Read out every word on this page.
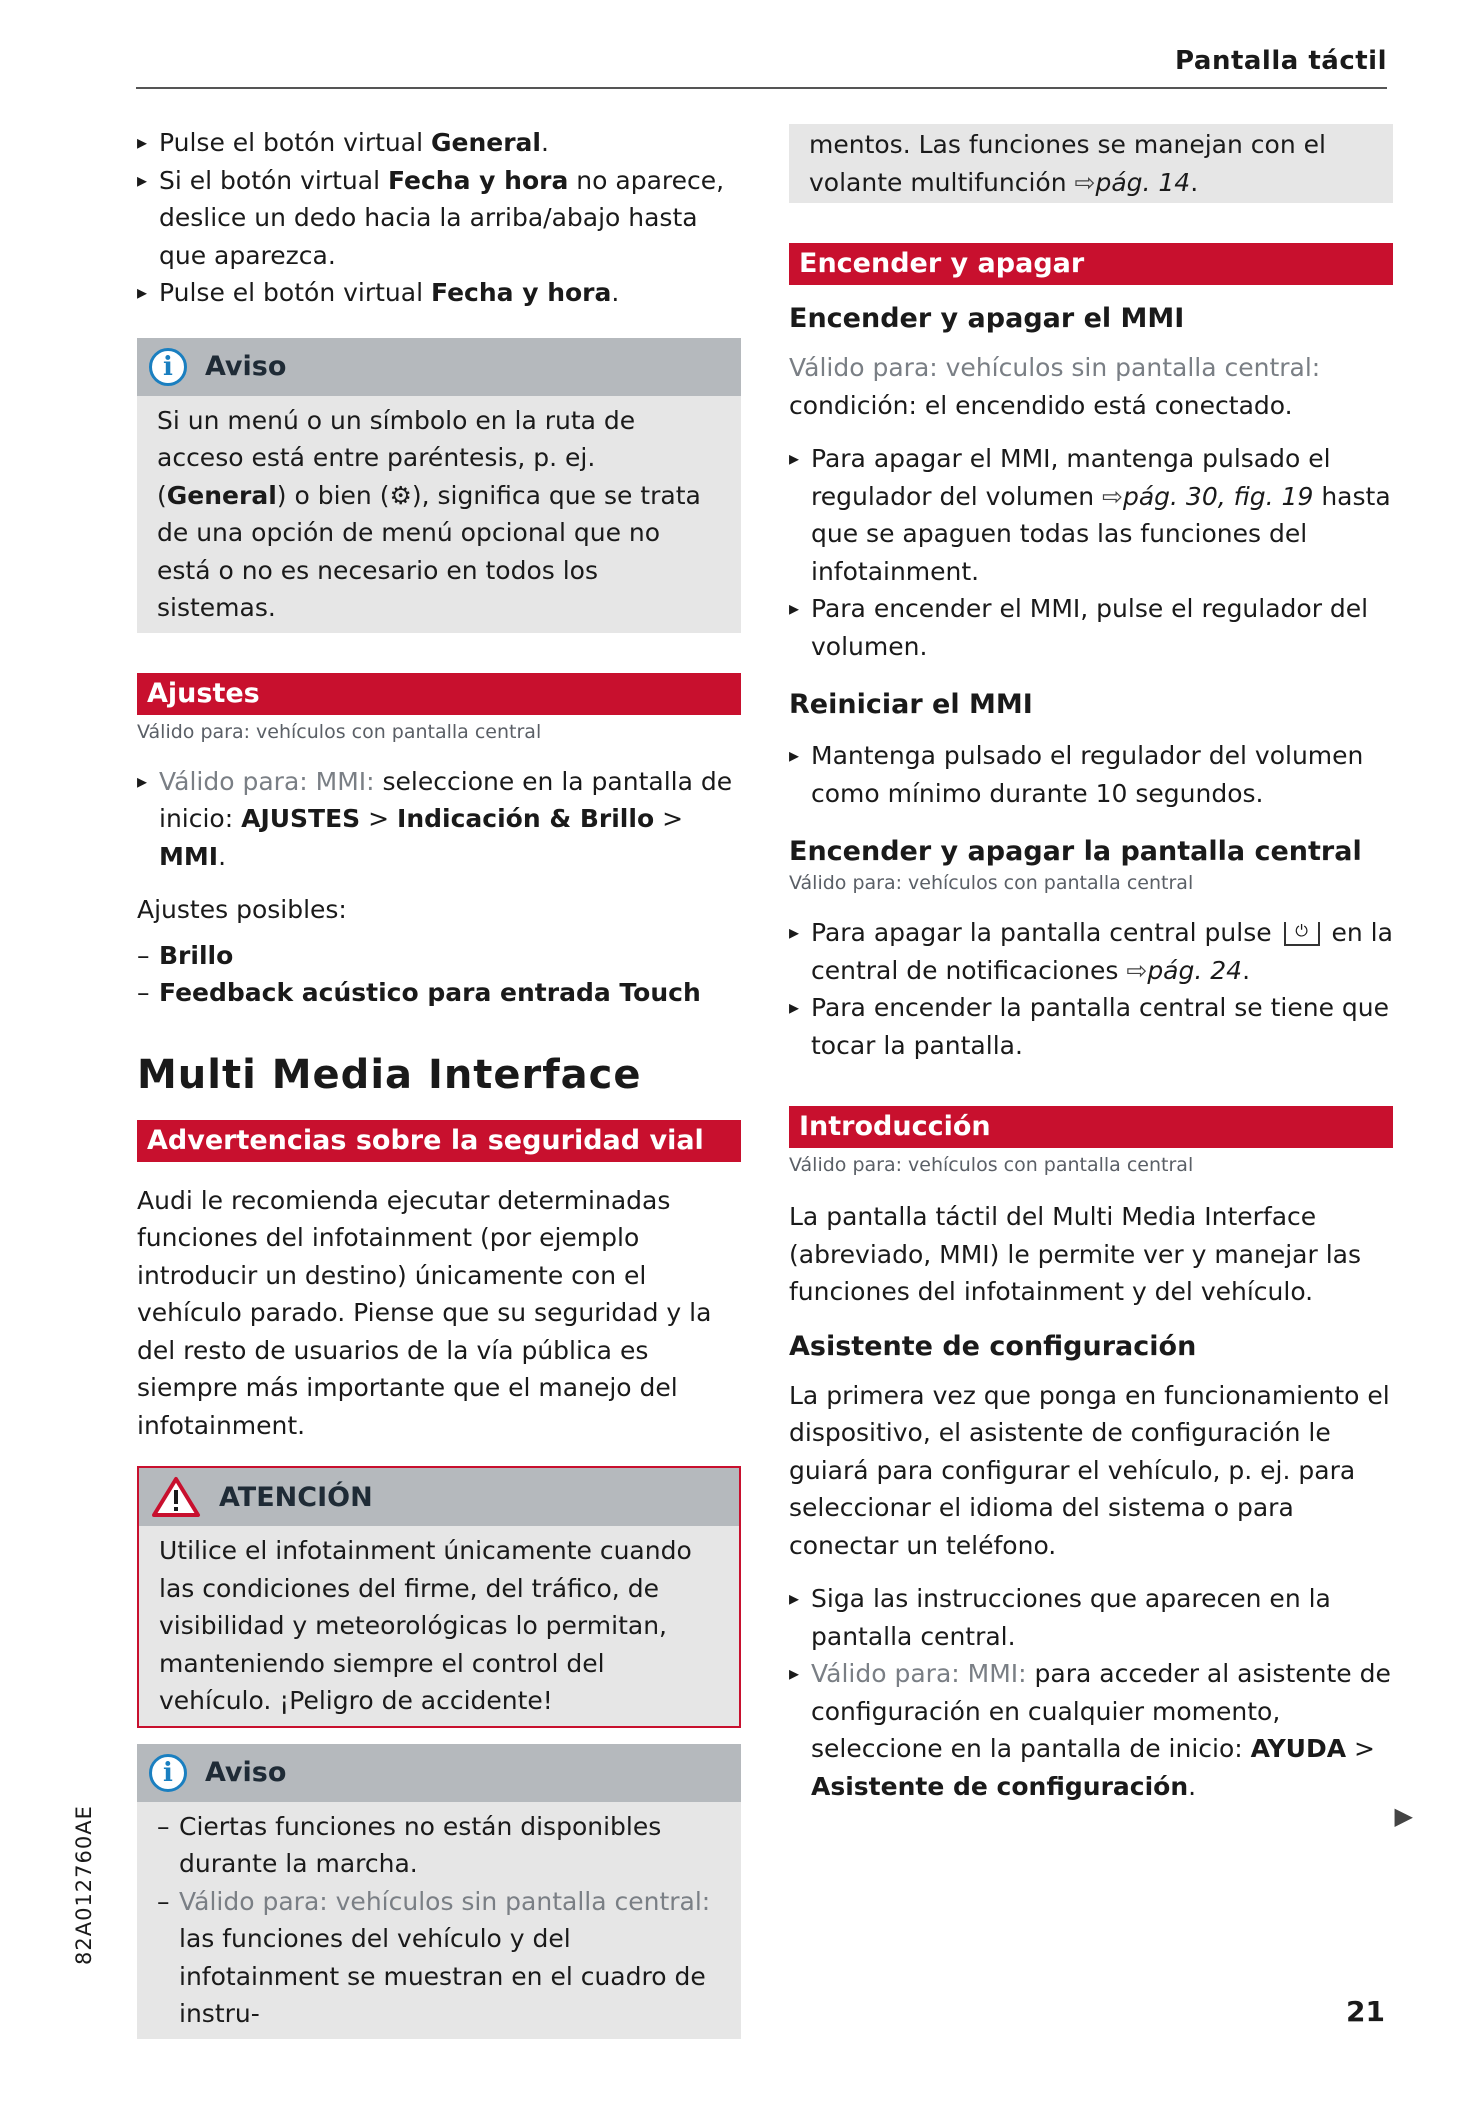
Pantalla táctil
▸ Pulse el botón virtual General.
▸ Si el botón virtual Fecha y hora no aparece, deslice un dedo hacia la arriba/abajo hasta que aparezca.
▸ Pulse el botón virtual Fecha y hora.
i	Aviso
Si un menú o un símbolo en la ruta de acceso está entre paréntesis, p. ej. (General) o bien (⚙), significa que se trata de una opción de menú opcional que no está o no es necesario en todos los sistemas.
Ajustes
Válido para: vehículos con pantalla central
▸ Válido para: MMI: seleccione en la pantalla de inicio: AJUSTES > Indicación & Brillo > MMI.

Ajustes posibles:

– Brillo
– Feedback acústico para entrada Touch
Multi Media Interface
Advertencias sobre la seguridad vial

Audi le recomienda ejecutar determinadas funciones del infotainment (por ejemplo introducir un destino) únicamente con el vehículo parado. Piense que su seguridad y la del resto de usuarios de la vía pública es siempre más importante que el manejo del infotainment.

ATENCIÓN
Utilice el infotainment únicamente cuando las condiciones del firme, del tráfico, de visibilidad y meteorológicas lo permitan, manteniendo siempre el control del vehículo. ¡Peligro de accidente!
i	Aviso
– Ciertas funciones no están disponibles durante la marcha.
– Válido para: vehículos sin pantalla central: las funciones del vehículo y del infotainment se muestran en el cuadro de instru-
mentos. Las funciones se manejan con el volante multifunción ⇨pág. 14.
Encender y apagar
Encender y apagar el MMI

Válido para: vehículos sin pantalla central: condición: el encendido está conectado.

▸ Para apagar el MMI, mantenga pulsado el regulador del volumen ⇨pág. 30, fig. 19 hasta que se apaguen todas las funciones del infotainment.
▸ Para encender el MMI, pulse el regulador del volumen.
Reiniciar el MMI
▸ Mantenga pulsado el regulador del volumen como mínimo durante 10 segundos.
Encender y apagar la pantalla central
Válido para: vehículos con pantalla central
▸ Para apagar la pantalla central pulse ⏻ en la central de notificaciones ⇨pág. 24.
▸ Para encender la pantalla central se tiene que tocar la pantalla.
Introducción
Válido para: vehículos con pantalla central

La pantalla táctil del Multi Media Interface (abreviado, MMI) le permite ver y manejar las funciones del infotainment y del vehículo.

Asistente de configuración

La primera vez que ponga en funcionamiento el dispositivo, el asistente de configuración le guiará para configurar el vehículo, p. ej. para seleccionar el idioma del sistema o para conectar un teléfono.

▸ Siga las instrucciones que aparecen en la pantalla central.
▸ Válido para: MMI: para acceder al asistente de configuración en cualquier momento, seleccione en la pantalla de inicio: AYUDA > Asistente de configuración.
▶
82A012760AE
21
